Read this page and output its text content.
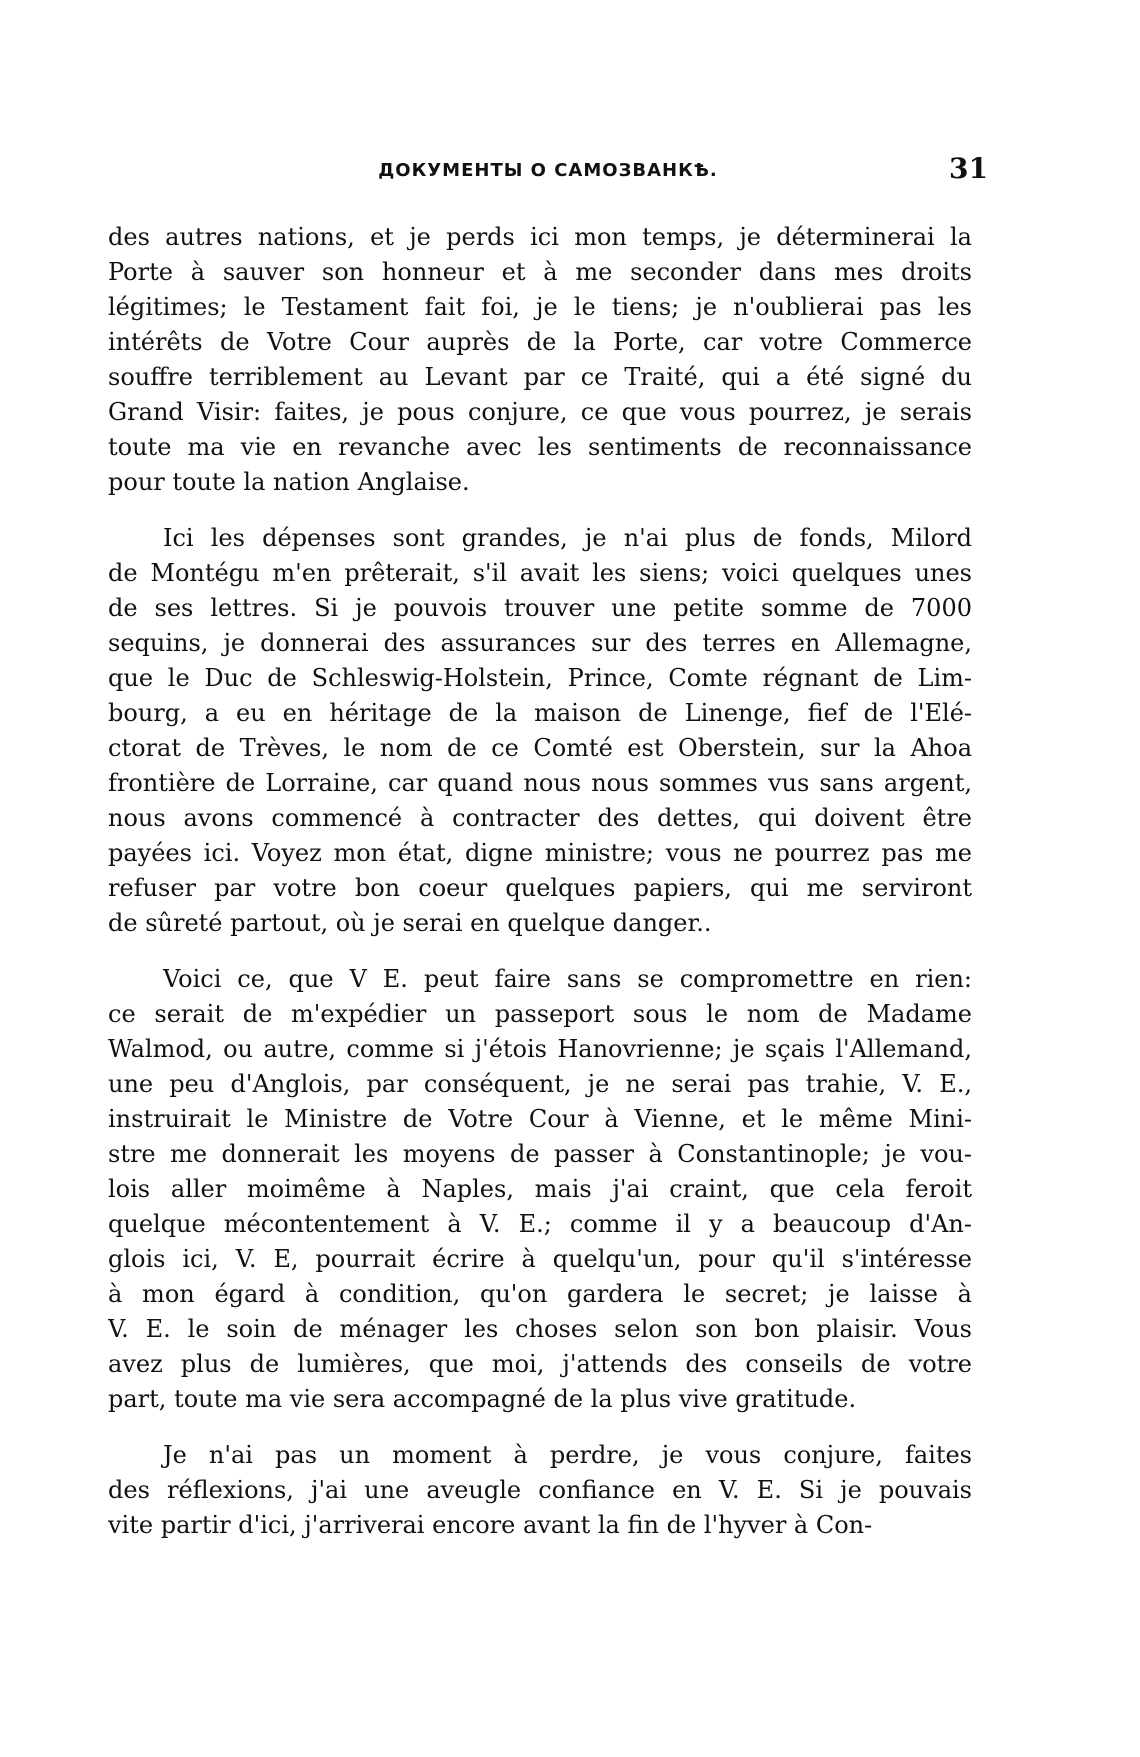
ДОКУМЕНТЫ О САМОЗВАНКѢ.	31
des autres nations, et je perds ici mon temps, je déterminerai la
Porte à sauver son honneur et à me seconder dans mes droits
légitimes; le Testament fait foi, je le tiens; je n'oublierai pas les
intérêts de Votre Cour auprès de la Porte, car votre Commerce
souffre terriblement au Levant par ce Traité, qui a été signé du
Grand Visir: faites, je pous conjure, ce que vous pourrez, je serais
toute ma vie en revanche avec les sentiments de reconnaissance
pour toute la nation Anglaise.
Ici les dépenses sont grandes, je n'ai plus de fonds, Milord
de Montégu m'en prêterait, s'il avait les siens; voici quelques unes
de ses lettres. Si je pouvois trouver une petite somme de 7000
sequins, je donnerai des assurances sur des terres en Allemagne,
que le Duc de Schleswig-Holstein, Prince, Comte régnant de Lim-
bourg, a eu en héritage de la maison de Linenge, fief de l'Elé-
ctorat de Trèves, le nom de ce Comté est Oberstein, sur la Ahoa
frontière de Lorraine, car quand nous nous sommes vus sans argent,
nous avons commencé à contracter des dettes, qui doivent être
payées ici. Voyez mon état, digne ministre; vous ne pourrez pas me
refuser par votre bon coeur quelques papiers, qui me serviront
de sûreté partout, où je serai en quelque danger..
Voici ce, que V E. peut faire sans se compromettre en rien:
ce serait de m'expédier un passeport sous le nom de Madame
Walmod, ou autre, comme si j'étois Hanovrienne; je sçais l'Allemand,
une peu d'Anglois, par conséquent, je ne serai pas trahie, V. E.,
instruirait le Ministre de Votre Cour à Vienne, et le même Mini-
stre me donnerait les moyens de passer à Constantinople; je vou-
lois aller moimême à Naples, mais j'ai craint, que cela feroit
quelque mécontentement à V. E.; comme il y a beaucoup d'An-
glois ici, V. E, pourrait écrire à quelqu'un, pour qu'il s'intéresse
à mon égard à condition, qu'on gardera le secret; je laisse à
V. E. le soin de ménager les choses selon son bon plaisir. Vous
avez plus de lumières, que moi, j'attends des conseils de votre
part, toute ma vie sera accompagné de la plus vive gratitude.
Je n'ai pas un moment à perdre, je vous conjure, faites
des réflexions, j'ai une aveugle confiance en V. E. Si je pouvais
vite partir d'ici, j'arriverai encore avant la fin de l'hyver à Con-
